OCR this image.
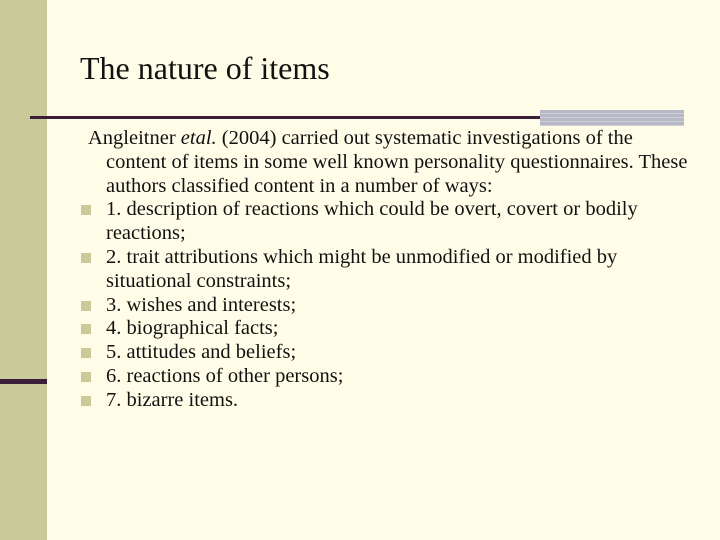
The nature of items

Angleitner etal. (2004) carried out systematic investigations of the content of items in some well known personality questionnaires. These authors classified content in a number of ways:

1. description of reactions which could be overt, covert or bodily reactions;
2. trait attributions which might be unmodified or modified by situational constraints;
3. wishes and interests;
4. biographical facts;
5. attitudes and beliefs;
6. reactions of other persons;
7. bizarre items.
